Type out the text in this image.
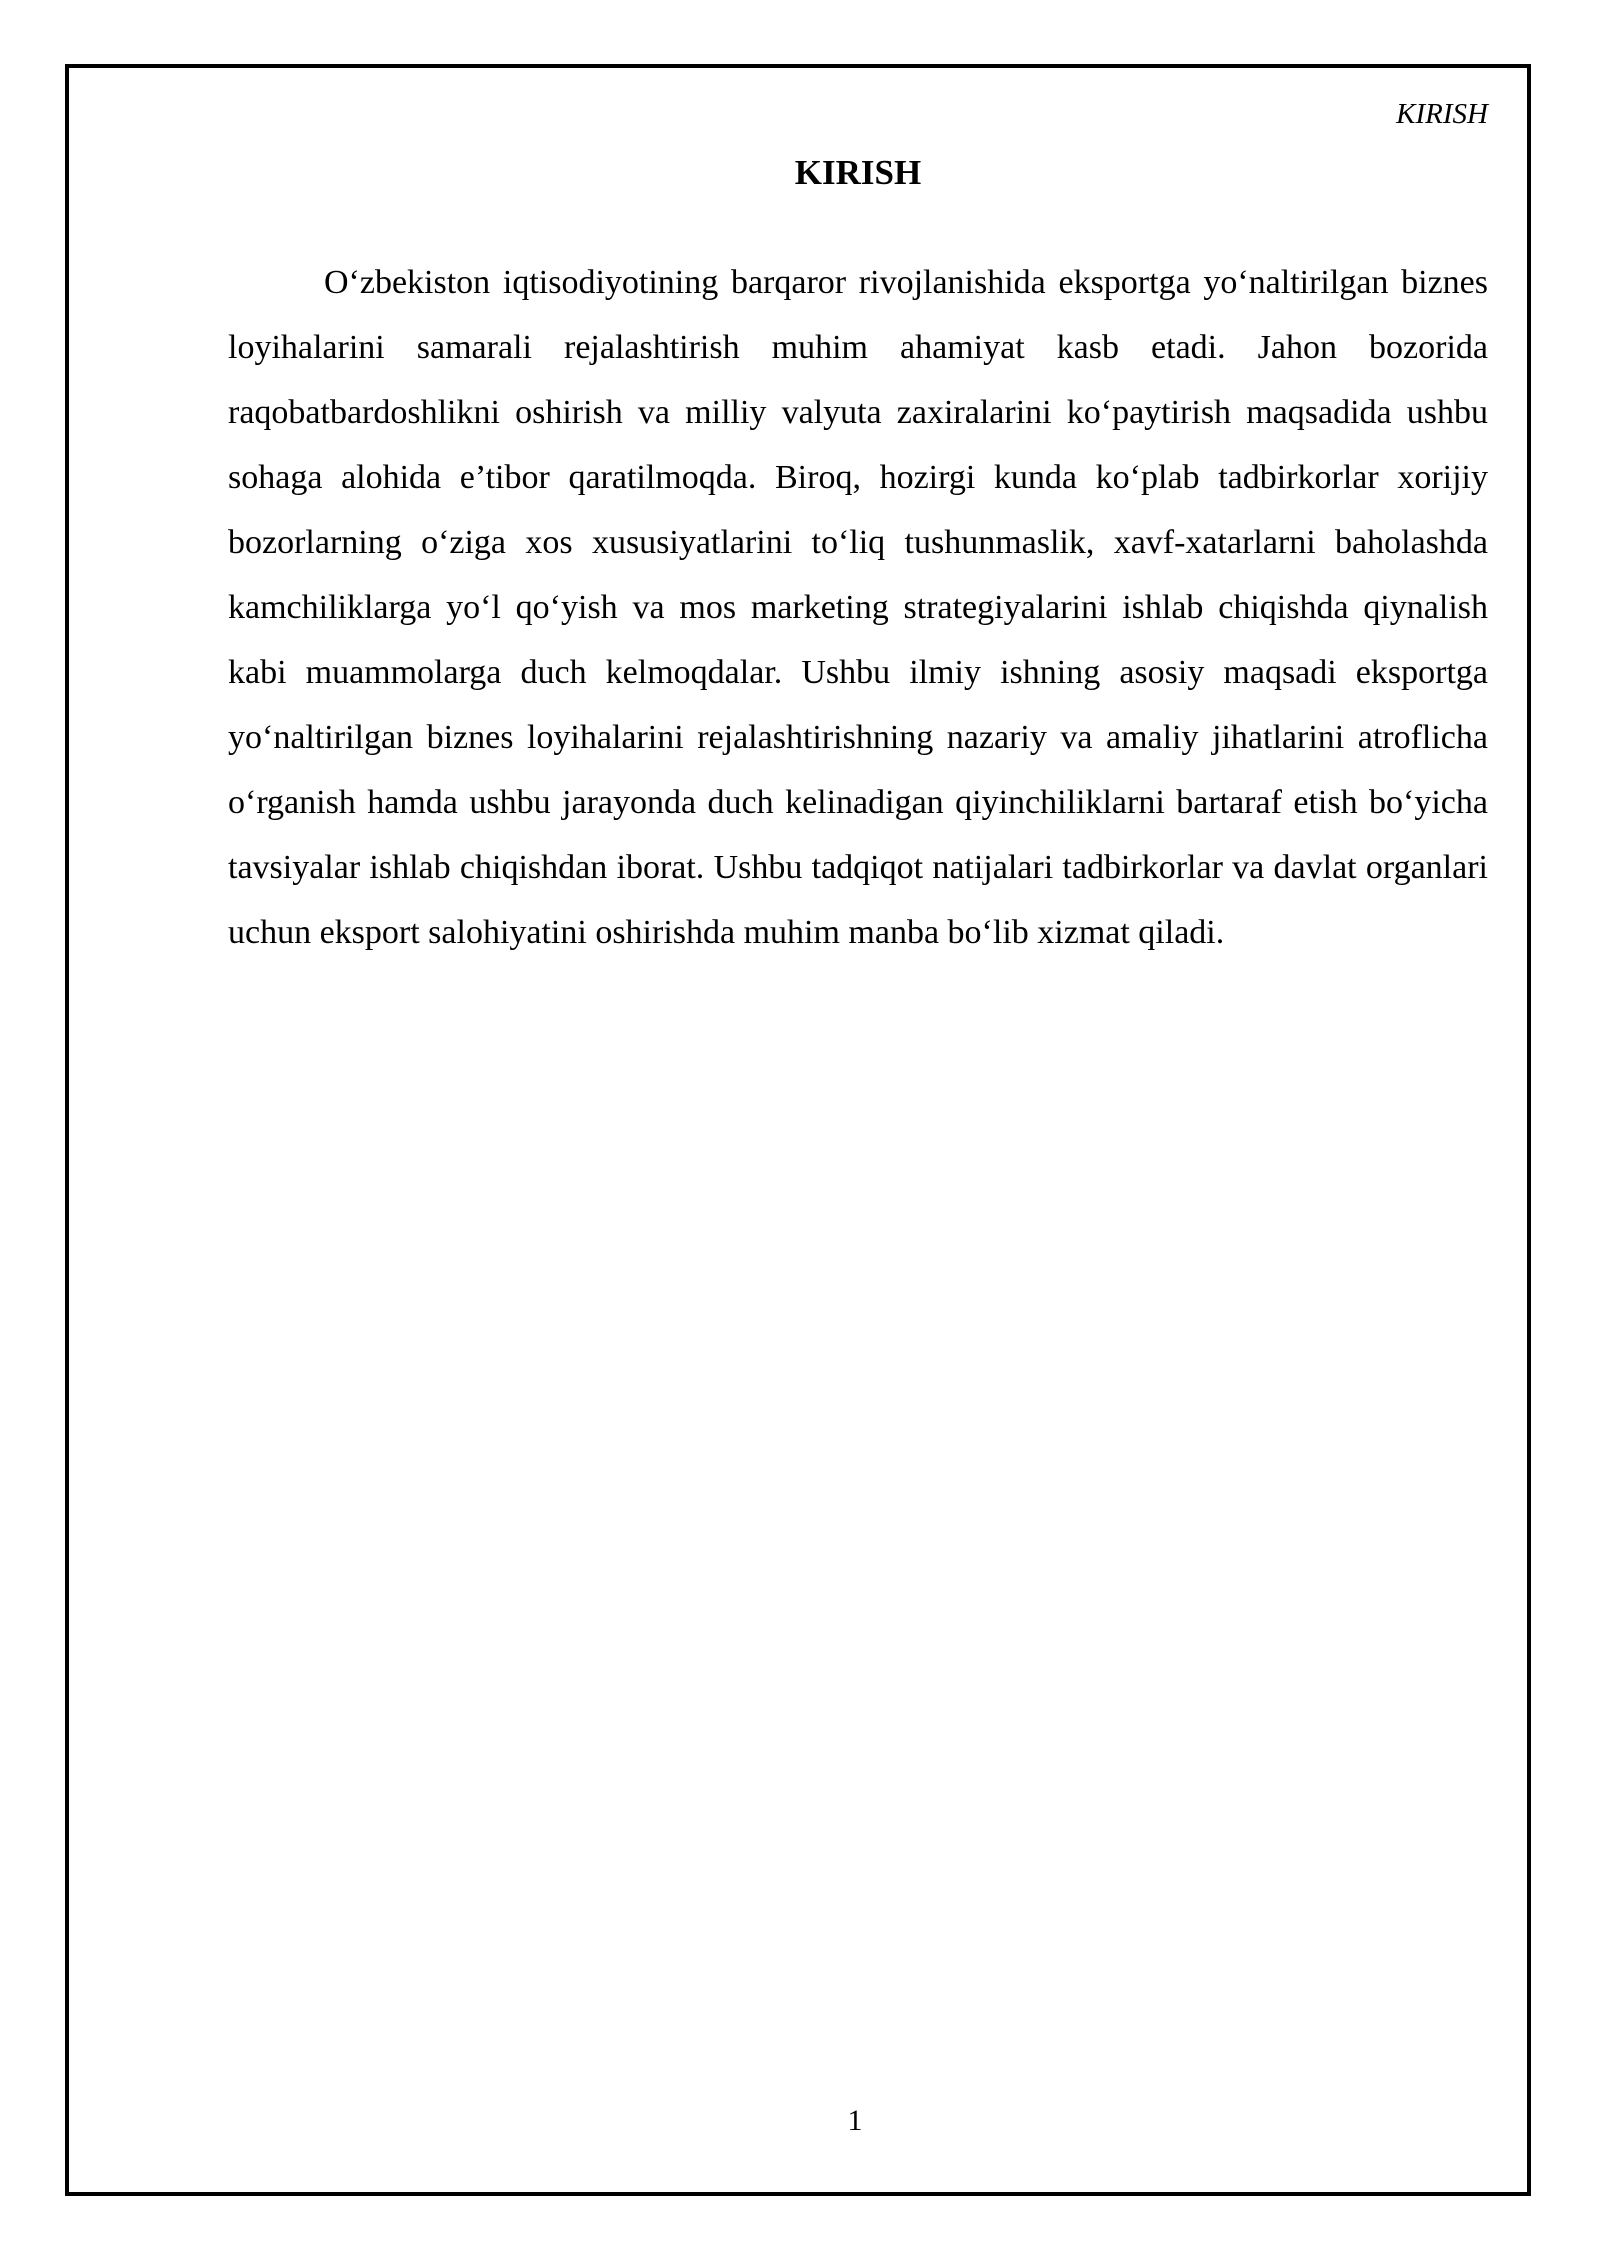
KIRISH
KIRISH

O‘zbekiston iqtisodiyotining barqaror rivojlanishida eksportga yo‘naltirilgan biznes loyihalarini samarali rejalashtirish muhim ahamiyat kasb etadi. Jahon bozorida raqobatbardoshlikni oshirish va milliy valyuta zaxiralarini ko‘paytirish maqsadida ushbu sohaga alohida e’tibor qaratilmoqda. Biroq, hozirgi kunda ko‘plab tadbirkorlar xorijiy bozorlarning o‘ziga xos xususiyatlarini to‘liq tushunmaslik, xavf-xatarlarni baholashda kamchiliklarga yo‘l qo‘yish va mos marketing strategiyalarini ishlab chiqishda qiynalish kabi muammolarga duch kelmoqdalar. Ushbu ilmiy ishning asosiy maqsadi eksportga yo‘naltirilgan biznes loyihalarini rejalashtirishning nazariy va amaliy jihatlarini atroflicha o‘rganish hamda ushbu jarayonda duch kelinadigan qiyinchiliklarni bartaraf etish bo‘yicha tavsiyalar ishlab chiqishdan iborat. Ushbu tadqiqot natijalari tadbirkorlar va davlat organlari uchun eksport salohiyatini oshirishda muhim manba bo‘lib xizmat qiladi.

1
